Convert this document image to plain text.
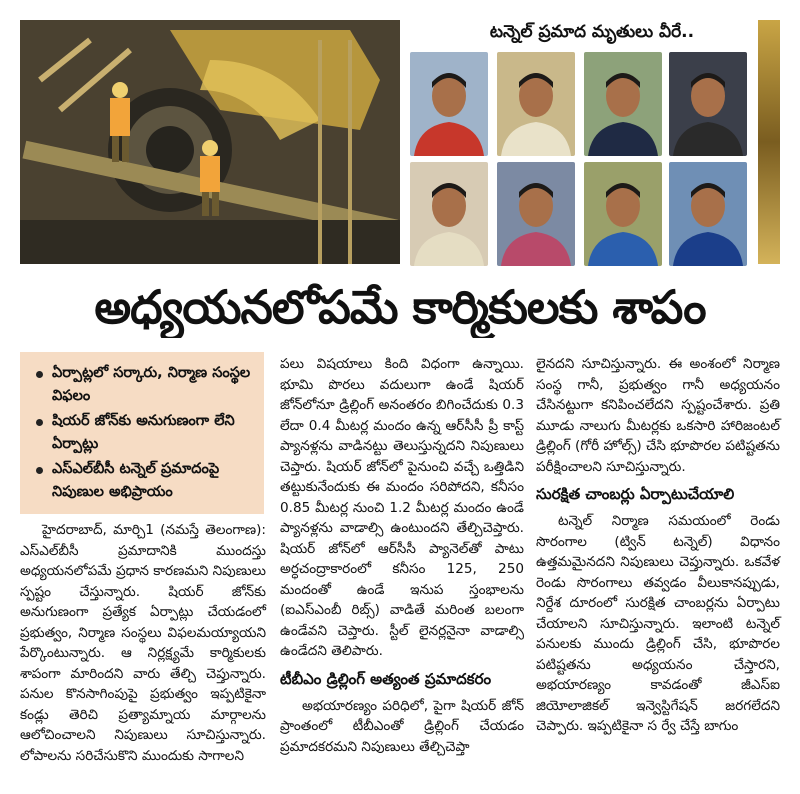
టన్నెల్ ప్రమాద మృతులు వీరే..
అధ్యయనలోపమే కార్మికులకు శాపం
ఏర్పాట్లలో సర్కారు, నిర్మాణ సంస్థల విఫలం
షియర్ జోన్‌కు అనుగుణంగా లేని ఏర్పాట్లు
ఎస్‌ఎల్‌బీసీ టన్నెల్ ప్రమాదంపై నిపుణుల అభిప్రాయం

హైదరాబాద్, మార్చి1 (నమస్తే తెలంగాణ): ఎస్‌ఎల్‌బీసీ ప్రమాదానికి ముందస్తు అధ్యయనలోపమే ప్రధాన కారణమని నిపుణులు స్పష్టం చేస్తున్నారు. షియర్ జోన్‌కు అనుగుణంగా ప్రత్యేక ఏర్పాట్లు చేయడంలో ప్రభుత్వం, నిర్మాణ సంస్థలు విఫలమయ్యాయని పేర్కొంటున్నారు. ఆ నిర్లక్ష్యమే కార్మికులకు శాపంగా మారిందని వారు తేల్చి చెప్తున్నారు. పనుల కొనసాగింపుపై ప్రభుత్వం ఇప్పటికైనా కండ్లు తెరిచి ప్రత్యామ్నాయ మార్గాలను ఆలోచించాలని నిపుణులు సూచిస్తున్నారు. లోపాలను సరిచేసుకొని ముందుకు సాగాలని

పలు విషయాలు కింది విధంగా ఉన్నాయి. భూమి పొరలు వదులుగా ఉండే షియర్ జోన్‌లోనూ డ్రిల్లింగ్ అనంతరం బిగించేదుకు 0.3 లేదా 0.4 మీటర్ల మందం ఉన్న ఆర్‌సీసీ ప్రీ కాస్ట్ ప్యానళ్లను వాడినట్టు తెలుస్తున్నదని నిపుణులు చెప్తారు. షియర్ జోన్‌లో పైనుంచి వచ్చే ఒత్తిడిని తట్టుకునేందుకు ఈ మందం సరిపోదని, కనీసం 0.85 మీటర్ల నుంచి 1.2 మీటర్ల మందం ఉండే ప్యానళ్లను వాడాల్సి ఉంటుందని తేల్చిచెప్తారు. షియర్ జోన్‌లో ఆర్‌సీసీ ప్యానెల్‌తో పాటు అర్ధచంద్రాకారంలో కనీసం 125, 250 మందంతో ఉండే ఇనుప స్తంభాలను (ఐఎస్‌ఎంబీ రిబ్స్) వాడితే మరింత బలంగా ఉండేవని చెప్తారు. స్టీల్ లైనర్లనైనా వాడాల్సి ఉండేదని తెలిపారు.

టీబీఎం డ్రిల్లింగ్ అత్యంత ప్రమాదకరం

అభయారణ్యం పరిధిలో, పైగా షియర్ జోన్ ప్రాంతంలో టీబీఎంతో డ్రిల్లింగ్ చేయడం ప్రమాదకరమని నిపుణులు తేల్చిచెప్తా

లైనదని సూచిస్తున్నారు. ఈ అంశంలో నిర్మాణ సంస్థ గానీ, ప్రభుత్వం గానీ అధ్యయనం చేసినట్టుగా కనిపించలేదని స్పష్టంచేశారు. ప్రతి మూడు నాలుగు మీటర్లకు ఒకసారి హారిజంటల్ డ్రిల్లింగ్ (గోరీ హోల్స్) చేసి భూపొరల పటిష్టతను పరీక్షించాలని సూచిస్తున్నారు.

సురక్షిత చాంబర్లు ఏర్పాటుచేయాలి

టన్నెల్ నిర్మాణ సమయంలో రెండు సొరంగాల (ట్విన్ టన్నెల్) విధానం ఉత్తమమైనదని నిపుణులు చెప్తున్నారు. ఒకవేళ రెండు సొరంగాలు తవ్వడం వీలుకానప్పుడు, నిర్దేశ దూరంలో సురక్షిత చాంబర్లను ఏర్పాటు చేయాలని సూచిస్తున్నారు. ఇలాంటి టన్నెల్ పనులకు ముందు డ్రిల్లింగ్ చేసి, భూపొరల పటిష్టతను అధ్యయనం చేస్తారని, అభయారణ్యం కావడంతో జీఎస్ఐ జియోలాజికల్ ఇన్వెస్టిగేషన్ జరగలేదని చెప్పారు. ఇప్పటికైనా స ర్వే చేస్తే బాగుం
